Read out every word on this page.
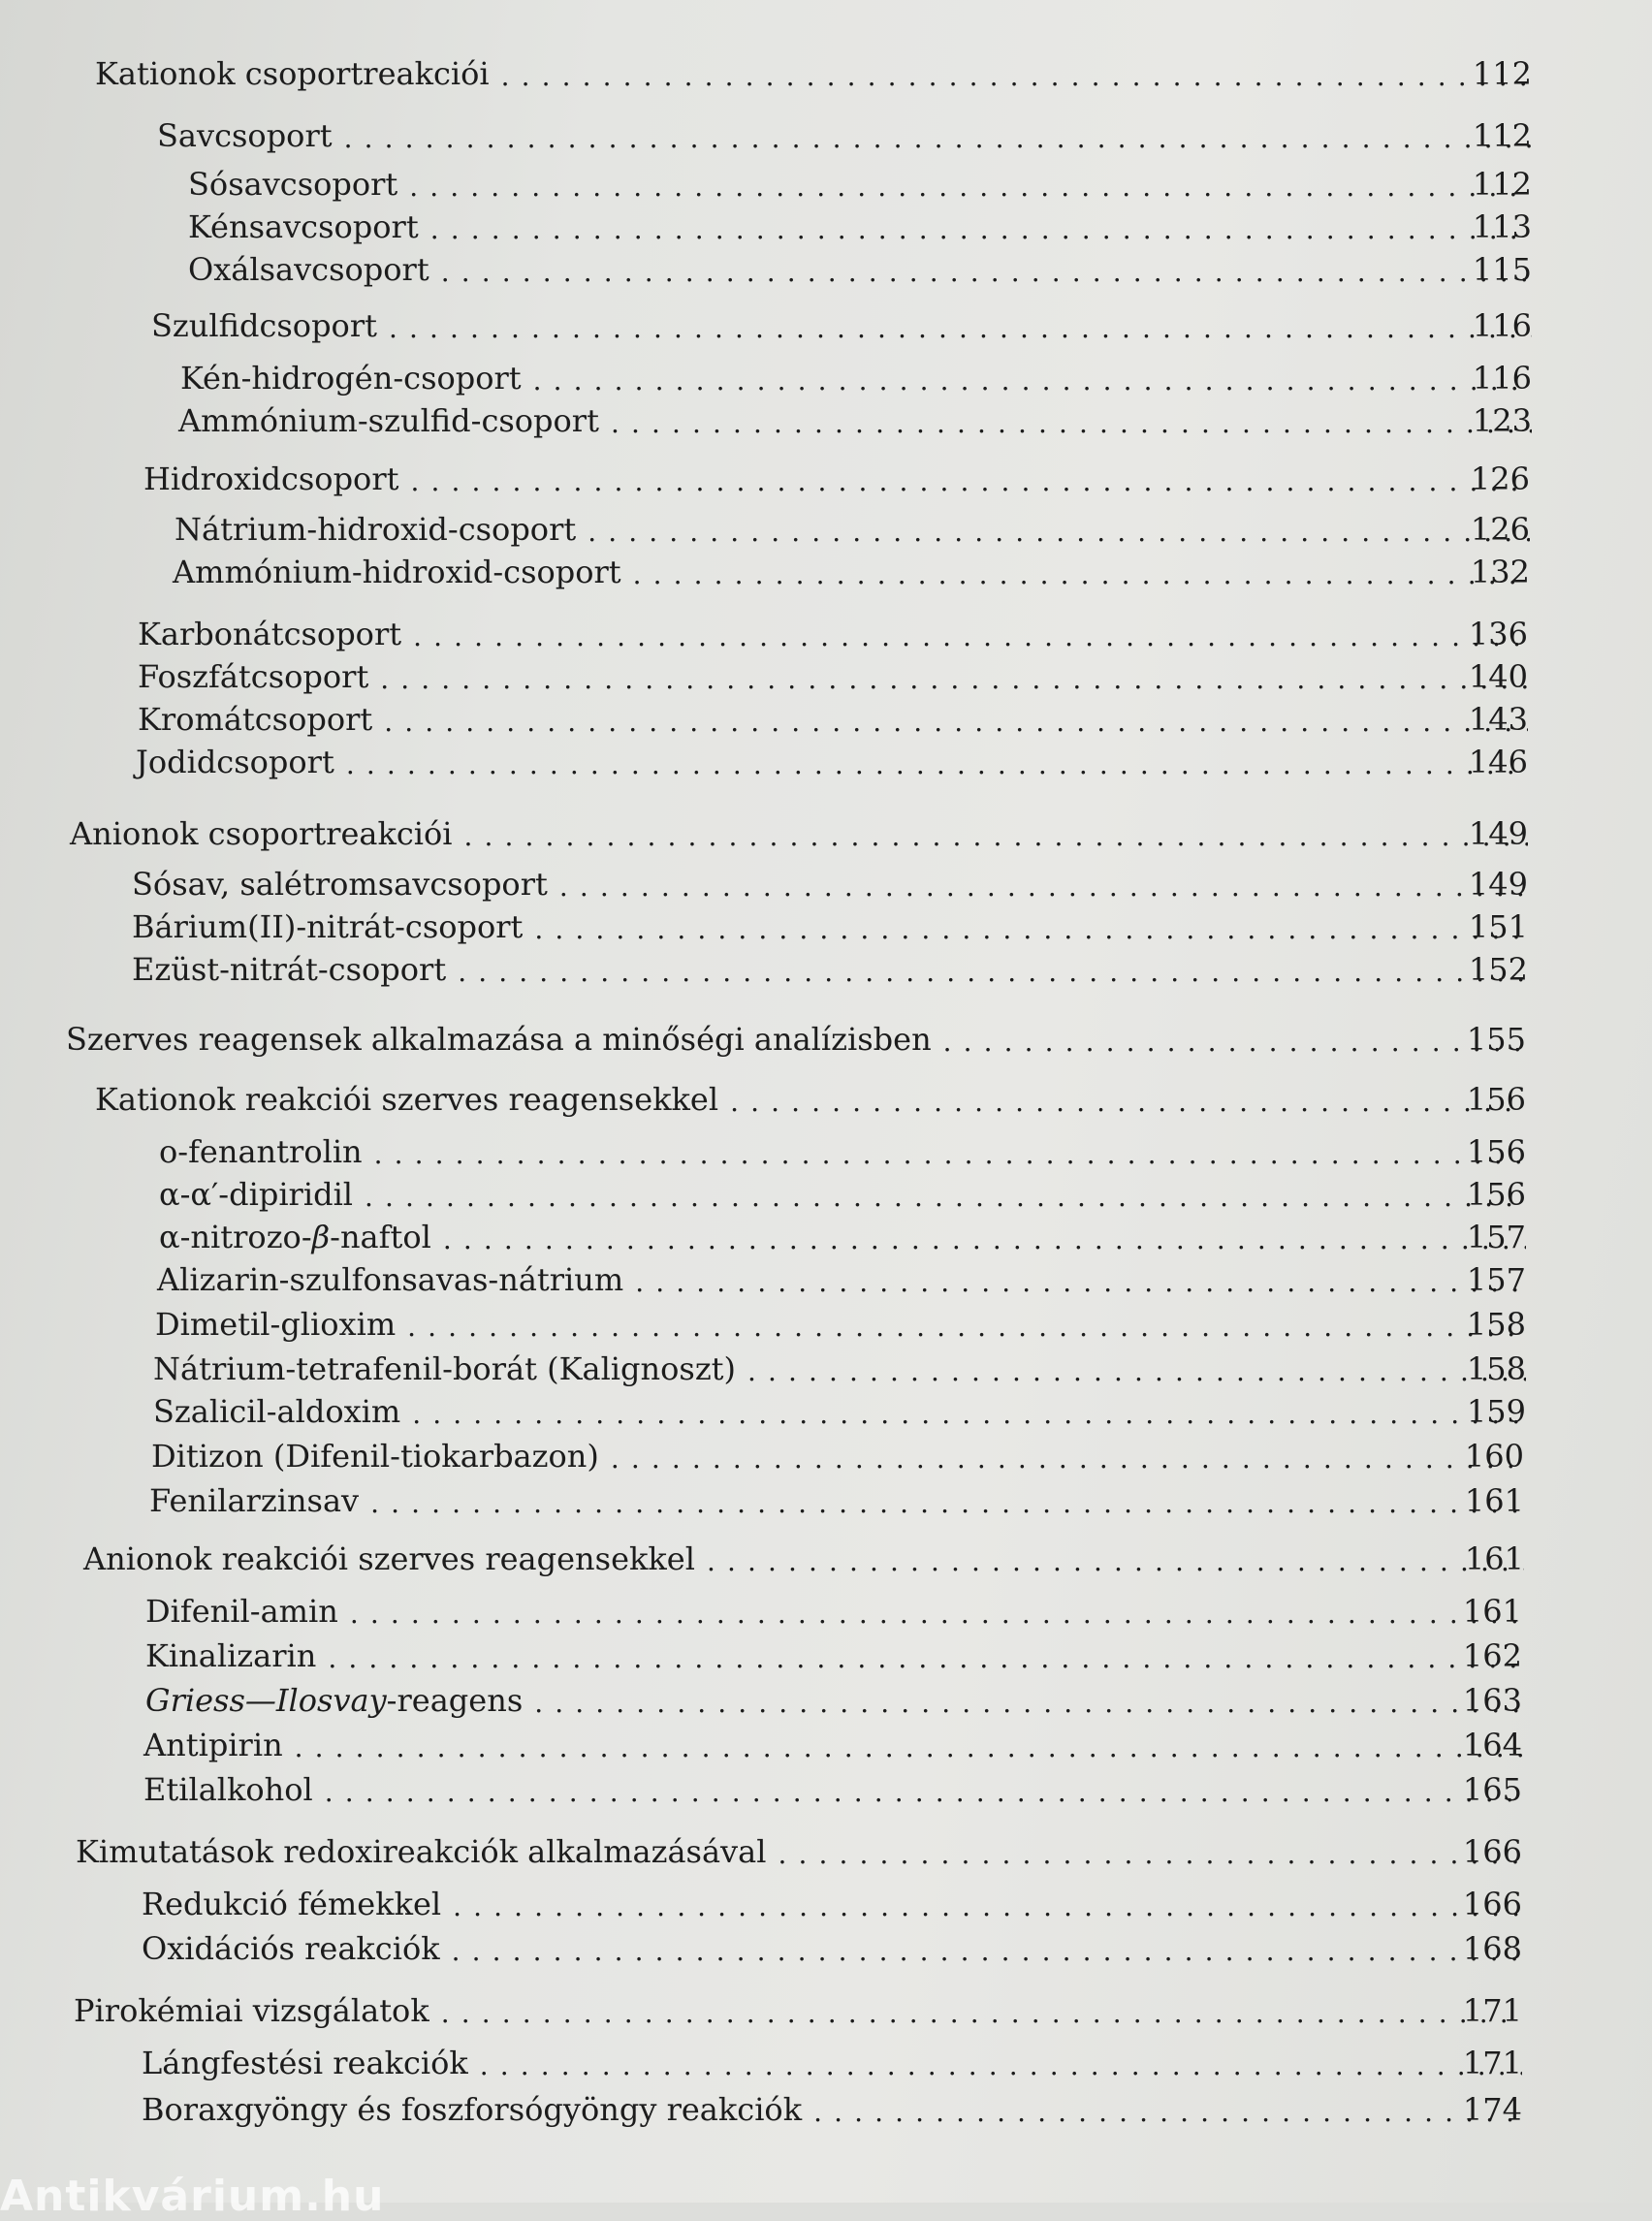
Kationok csoportreakciói . . .	112
Savcsoport . . .	112
Sósavcsoport . . .	112
Kénsavcsoport . . .	113
Oxálsavcsoport . . .	115
Szulfidcsoport . . .	116
Kén-hidrogén-csoport . . .	116
Ammónium-szulfid-csoport . . .	123
Hidroxidcsoport . . .	126
Nátrium-hidroxid-csoport . . .	126
Ammónium-hidroxid-csoport . . .	132
Karbonátcsoport . . .	136
Foszfátcsoport . . .	140
Kromátcsoport . . .	143
Jodidcsoport . . .	146
Anionok csoportreakciói . . .	149
Sósav, salétromsavcsoport . . .	149
Bárium(II)-nitrát-csoport . . .	151
Ezüst-nitrát-csoport . . .	152
Szerves reagensek alkalmazása a minőségi analízisben . . .	155
Kationok reakciói szerves reagensekkel . . .	156
o-fenantrolin . . .	156
α-α′-dipiridil . . .	156
α-nitrozo-β-naftol . . .	157
Alizarin-szulfonsavas-nátrium . . .	157
Dimetil-glioxim . . .	158
Nátrium-tetrafenil-borát (Kalignoszt) . . .	158
Szalicil-aldoxim . . .	159
Ditizon (Difenil-tiokarbazon) . . .	160
Fenilarzinsav . . .	161
Anionok reakciói szerves reagensekkel . . .	161
Difenil-amin . . .	161
Kinalizarin . . .	162
Griess—Ilosvay-reagens . . .	163
Antipirin . . .	164
Etilalkohol . . .	165
Kimutatások redoxireakciók alkalmazásával . . .	166
Redukció fémekkel . . .	166
Oxidációs reakciók . . .	168
Pirokémiai vizsgálatok . . .	171
Lángfestési reakciók . . .	171
Boraxgyöngy és foszforsógyöngy reakciók . . .	174
Antikvárium.hu
